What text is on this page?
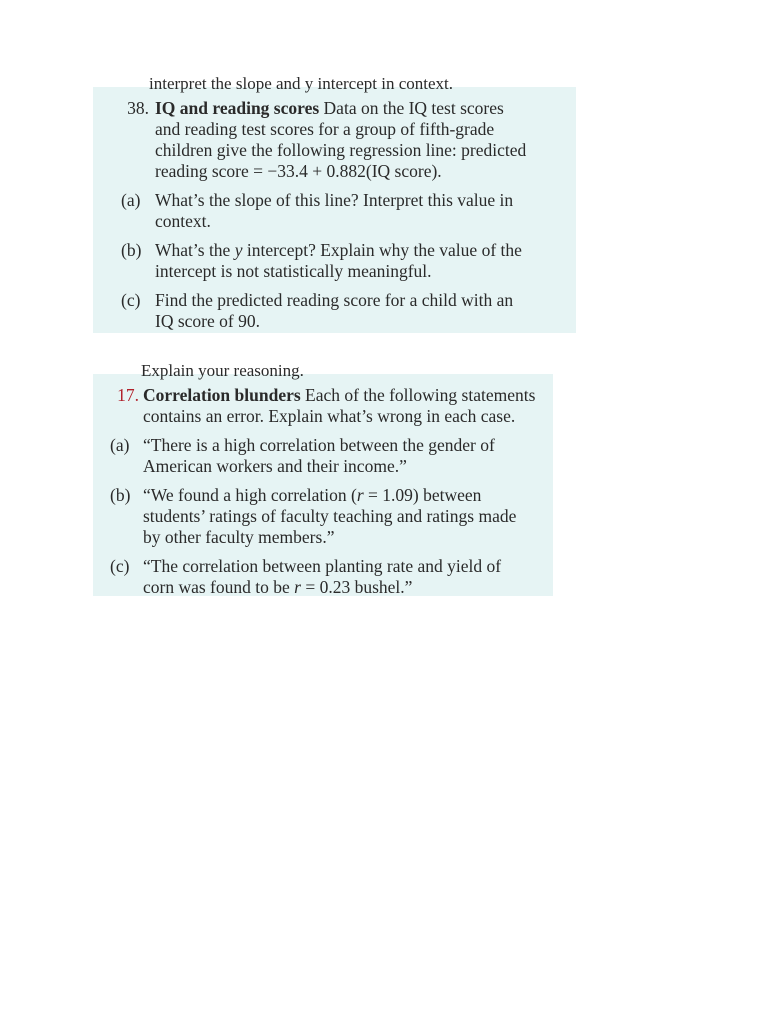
interpret the slope and y intercept in context.
38. IQ and reading scores Data on the IQ test scores
and reading test scores for a group of fifth-grade
children give the following regression line: predicted
reading score = −33.4 + 0.882(IQ score).
(a) What’s the slope of this line? Interpret this value in
context.
(b) What’s the y intercept? Explain why the value of the
intercept is not statistically meaningful.
(c) Find the predicted reading score for a child with an
IQ score of 90.
Explain your reasoning.
17. Correlation blunders Each of the following statements
contains an error. Explain what’s wrong in each case.
(a) “There is a high correlation between the gender of
American workers and their income.”
(b) “We found a high correlation (r = 1.09) between
students’ ratings of faculty teaching and ratings made
by other faculty members.”
(c) “The correlation between planting rate and yield of
corn was found to be r = 0.23 bushel.”
